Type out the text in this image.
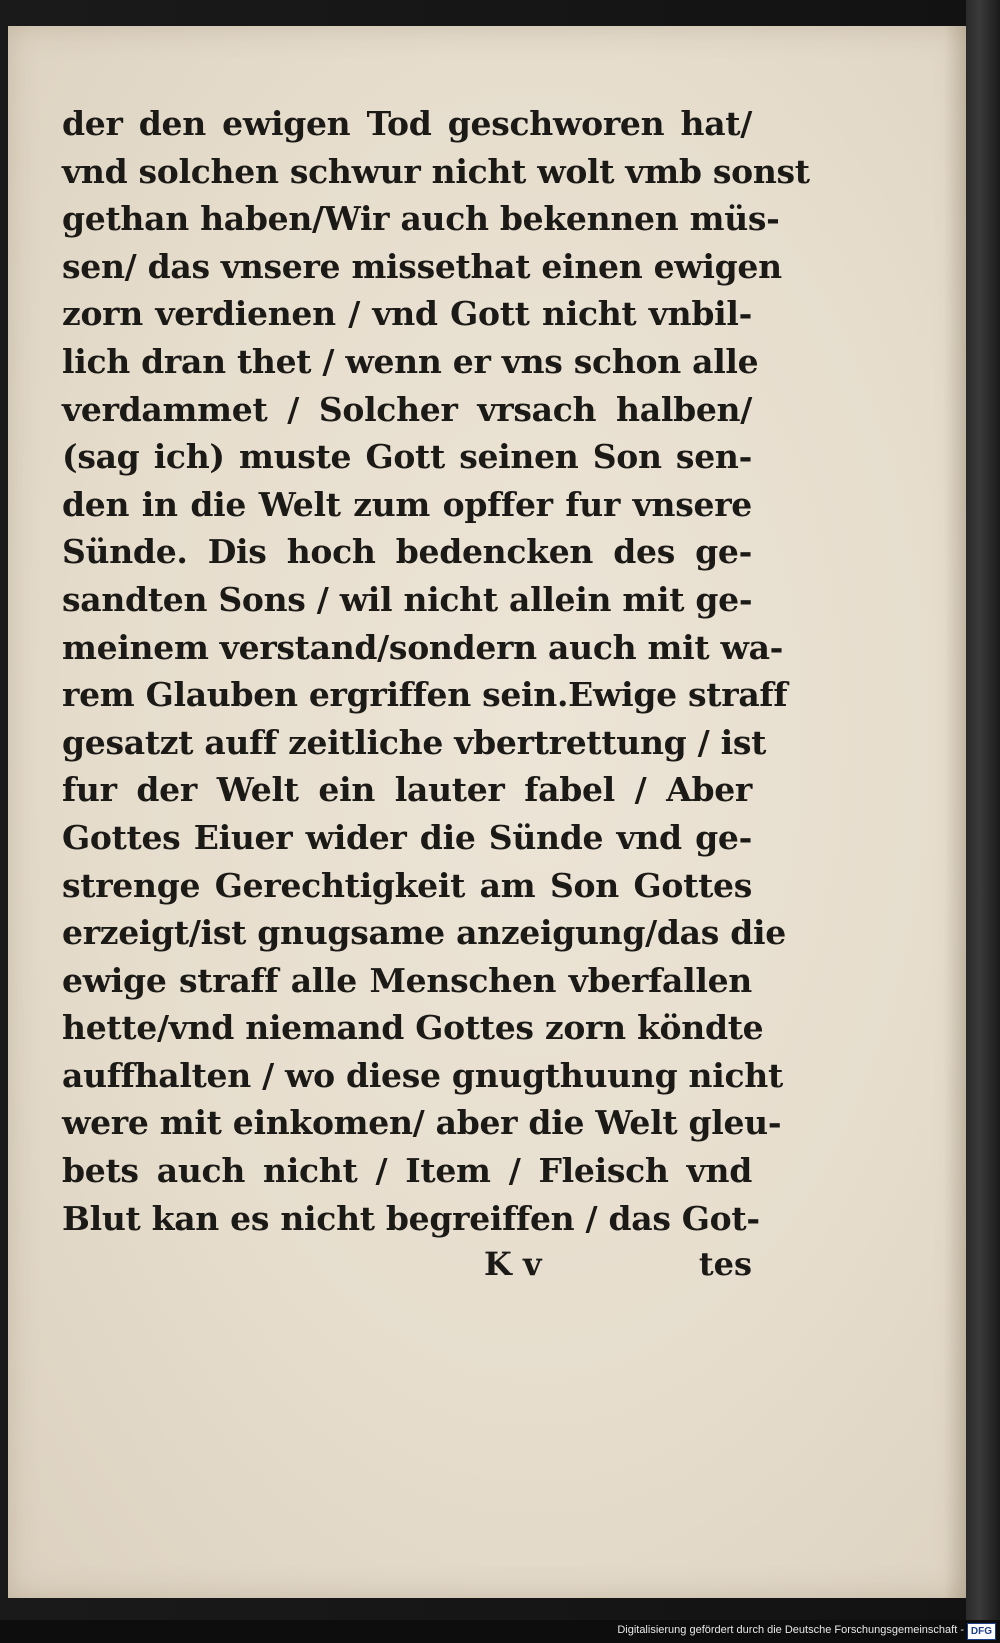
der den ewigen Tod geschworen hat/
vnd solchen schwur nicht wolt vmb sonst
gethan haben/Wir auch bekennen müs-
sen/ das vnsere missethat einen ewigen
zorn verdienen / vnd Gott nicht vnbil-
lich dran thet / wenn er vns schon alle
verdammet / Solcher vrsach halben/
(sag ich) muste Gott seinen Son sen-
den in die Welt zum opffer fur vnsere
Sünde. Dis hoch bedencken des ge-
sandten Sons / wil nicht allein mit ge-
meinem verstand/sondern auch mit wa-
rem Glauben ergriffen sein.Ewige straff
gesatzt auff zeitliche vbertrettung / ist
fur der Welt ein lauter fabel / Aber
Gottes Eiuer wider die Sünde vnd ge-
strenge Gerechtigkeit am Son Gottes
erzeigt/ist gnugsame anzeigung/das die
ewige straff alle Menschen vberfallen
hette/vnd niemand Gottes zorn köndte
auffhalten / wo diese gnugthuung nicht
were mit einkomen/ aber die Welt gleu-
bets auch nicht / Item / Fleisch vnd
Blut kan es nicht begreiffen / das Got-
K v	tes
Digitalisierung gefördert durch die Deutsche Forschungsgemeinschaft - DFG
